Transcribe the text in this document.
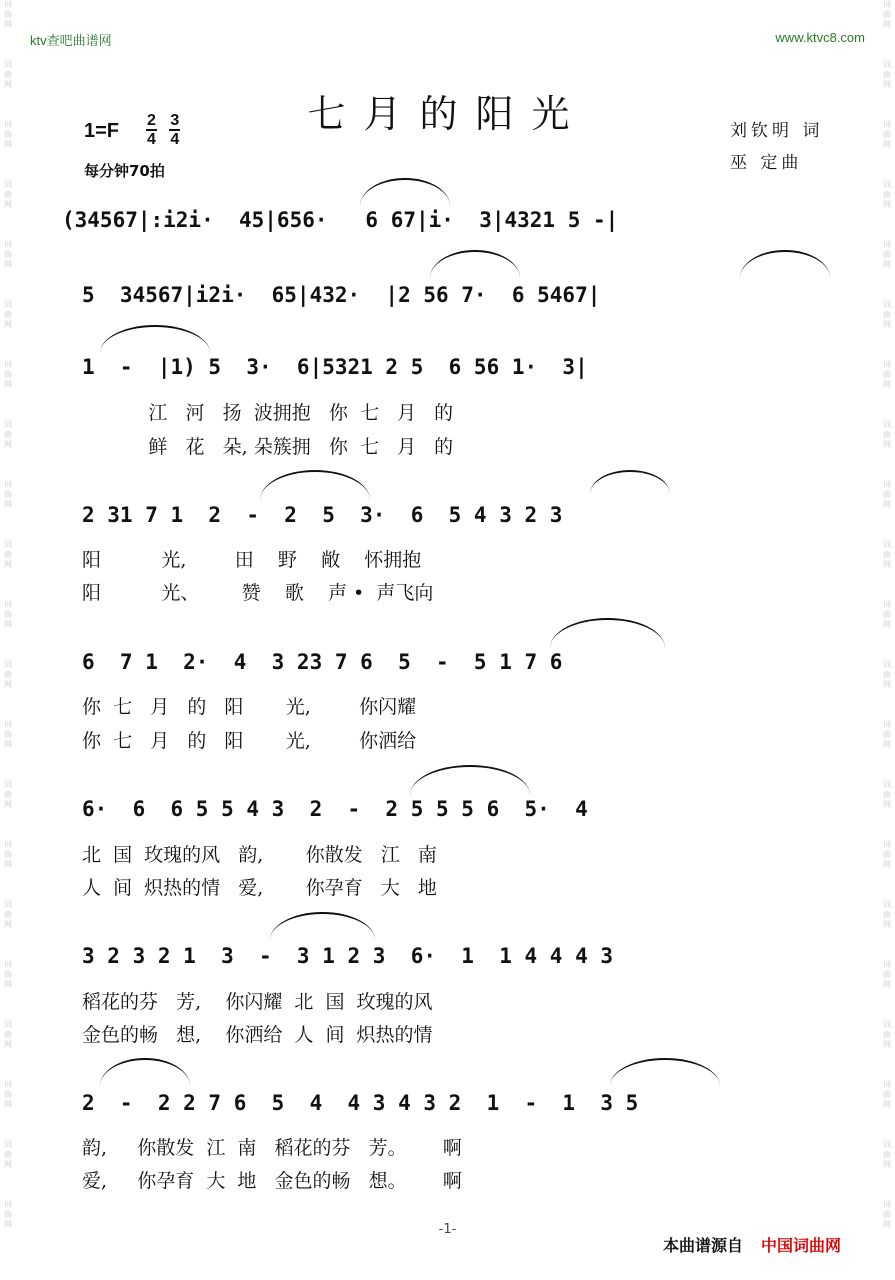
ktv查吧曲谱网	www.ktvc8.com
词
曲
网
词
曲
网
词
曲
网
词
曲
网
词
曲
网
词
曲
网
词
曲
网
词
曲
网
词
曲
网
词
曲
网
词
曲
网
词
曲
网
词
曲
网
词
曲
网
词
曲
网
词
曲
网
词
曲
网
词
曲
网
词
曲
网
词
曲
网
词
曲
网
词
曲
网
词
曲
网
词
曲
网
词
曲
网
词
曲
网
词
曲
网
词
曲
网
词
曲
网
词
曲
网
词
曲
网
词
曲
网
词
曲
网
词
曲
网
词
曲
网
词
曲
网
词
曲
网
词
曲
网
词
曲
网
词
曲
网
词
曲
网
词
曲
网
七月的阳光
$1=F \frac{2}{4}$
$\frac{3}{4}$
每分钟70拍
刘钦明 词
巫 定曲
(34567|:i2i·  45|656·   6 67|i·  3|4321 5 -|
5  34567|i2i·  65|432·  |2 56 7·  6 5467|
1  -  |1) 5  3·  6|5321 2 5  6 56 1·  3|
江   河   扬  波拥抱   你  七   月   的
鲜   花   朵, 朵簇拥   你  七   月   的
2 31 7 1  2  -  2  5  3·  6  5 4 3 2 3
阳          光,        田    野    敞    怀拥抱
阳          光、       赞    歌    声 •  声飞向
6  7 1  2·  4  3 23 7 6  5  -  5 1 7 6
你  七   月   的   阳       光,        你闪耀
你  七   月   的   阳       光,        你洒给
6·  6  6 5 5 4 3  2  -  2 5 5 5 6  5·  4
北  国  玫瑰的风   韵,       你散发   江   南
人  间  炽热的情   爱,       你孕育   大   地
3 2 3 2 1  3  -  3 1 2 3  6·  1  1 4 4 4 3
稻花的芬   芳,    你闪耀  北  国  玫瑰的风
金色的畅   想,    你洒给  人  间  炽热的情
2  -  2 2 7 6  5  4  4 3 4 3 2  1  -  1  3 5
韵,     你散发  江  南   稻花的芬   芳。      啊
爱,     你孕育  大  地   金色的畅   想。      啊
-1-
本曲谱源自 中国词曲网
